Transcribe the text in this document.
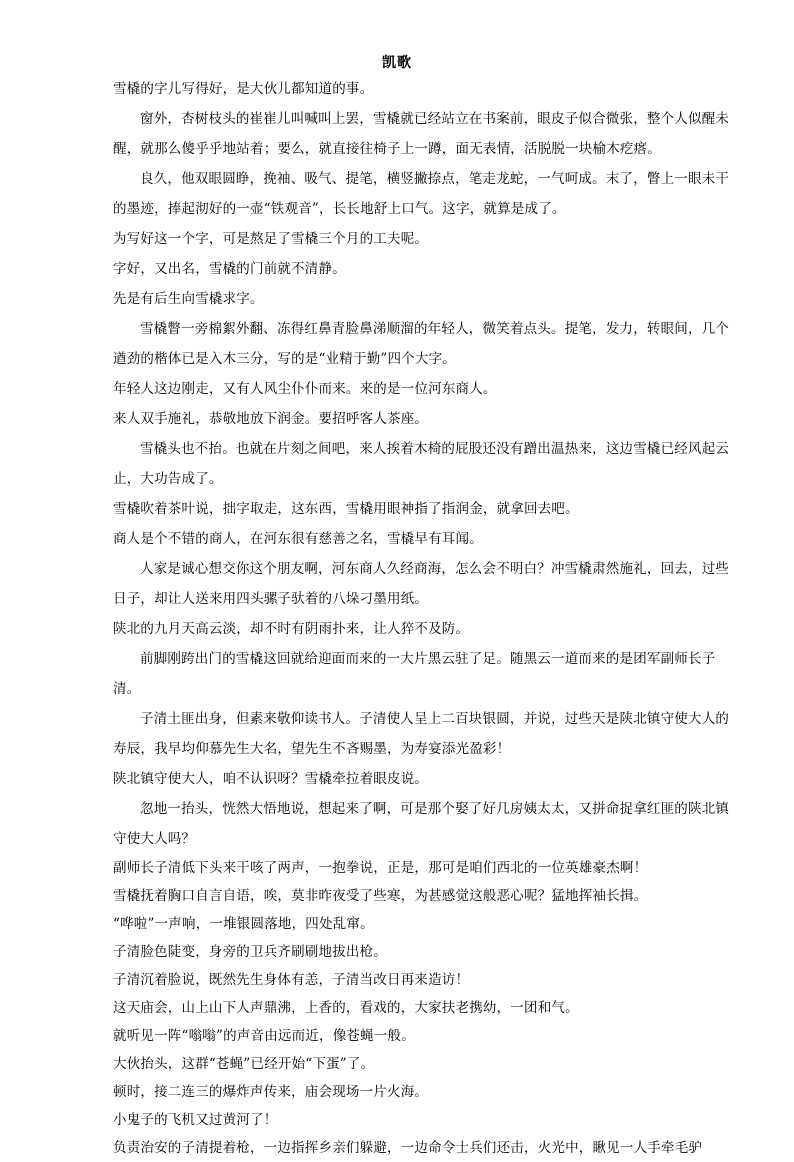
凯歌

雪橇的字儿写得好，是大伙儿都知道的事。

窗外，杏树枝头的崔崔儿叫喊叫上罢，雪橇就已经站立在书案前，眼皮子似合微张，整个人似醒未醒，就那么傻乎乎地站着；要么，就直接往椅子上一蹲，面无表情，活脱脱一块榆木疙瘩。

良久，他双眼圆睁，挽袖、吸气、提笔，横竖撇捺点，笔走龙蛇，一气呵成。末了，瞥上一眼未干的墨迹，捧起沏好的一壶“铁观音”，长长地舒上口气。这字，就算是成了。

为写好这一个字，可是熬足了雪橇三个月的工夫呢。

字好，又出名，雪橇的门前就不清静。

先是有后生向雪橇求字。

雪橇瞥一旁棉絮外翻、冻得红鼻青脸鼻涕顺溜的年轻人，微笑着点头。提笔，发力，转眼间，几个遒劲的楷体已是入木三分，写的是“业精于勤”四个大字。

年轻人这边刚走，又有人风尘仆仆而来。来的是一位河东商人。

来人双手施礼，恭敬地放下润金。要招呼客人茶座。

雪橇头也不抬。也就在片刻之间吧，来人挨着木椅的屁股还没有蹭出温热来，这边雪橇已经风起云止，大功告成了。

雪橇吹着茶叶说，拙字取走，这东西，雪橇用眼神指了指润金，就拿回去吧。

商人是个不错的商人，在河东很有慈善之名，雪橇早有耳闻。

人家是诚心想交你这个朋友啊，河东商人久经商海，怎么会不明白？冲雪橇肃然施礼，回去，过些日子，却让人送来用四头骡子驮着的八垛刁墨用纸。

陕北的九月天高云淡，却不时有阴雨扑来，让人猝不及防。

前脚刚跨出门的雪橇这回就给迎面而来的一大片黑云驻了足。随黑云一道而来的是团军副师长子清。

子清土匪出身，但素来敬仰读书人。子清使人呈上二百块银圆，并说，过些天是陕北镇守使大人的寿辰，我早均仰慕先生大名，望先生不吝赐墨，为寿宴添光盈彩！

陕北镇守使大人，咱不认识呀？雪橇牵拉着眼皮说。

忽地一抬头，恍然大悟地说，想起来了啊，可是那个娶了好几房姨太太，又拼命捉拿红匪的陕北镇守使大人吗？

副师长子清低下头来干咳了两声，一抱拳说，正是，那可是咱们西北的一位英雄豪杰啊！

雪橇抚着胸口自言自语，唉，莫非昨夜受了些寒，为甚感觉这般恶心呢？猛地挥袖长揖。

“哗啦”一声响，一堆银圆落地，四处乱窜。

子清脸色陡变，身旁的卫兵齐刷刷地拔出枪。

子清沉着脸说，既然先生身体有恙，子清当改日再来造访！

这天庙会，山上山下人声鼎沸，上香的，看戏的，大家扶老携幼，一团和气。

就听见一阵“嗡嗡”的声音由远而近，像苍蝇一般。

大伙抬头，这群“苍蝇”已经开始“下蛋”了。

顿时，接二连三的爆炸声传来，庙会现场一片火海。

小鬼子的飞机又过黄河了！

负责治安的子清提着枪，一边指挥乡亲们躲避，一边命令士兵们还击，火光中，瞅见一人手牵毛驴
